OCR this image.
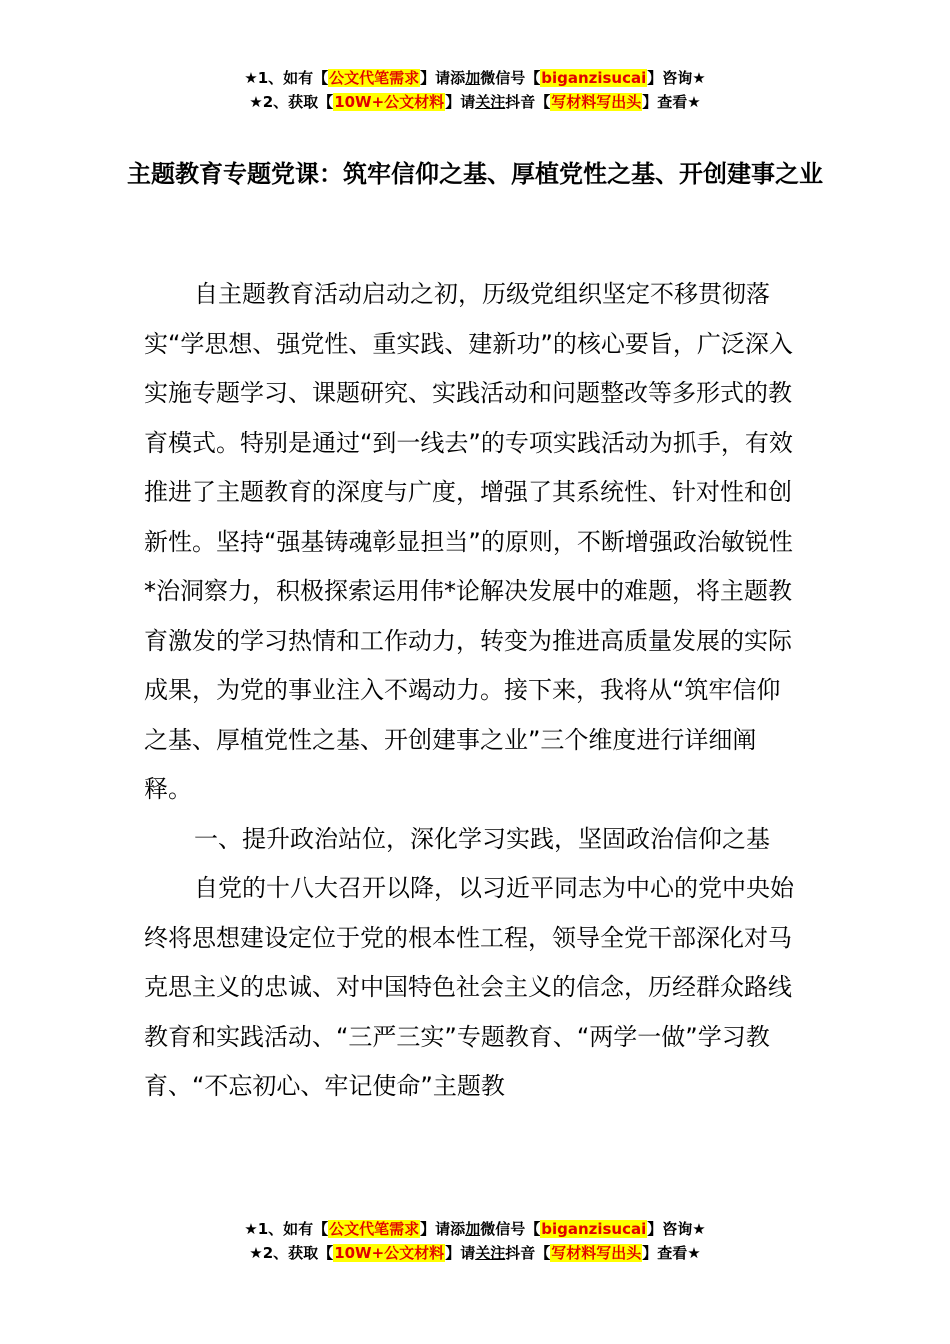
★1、如有【公文代笔需求】请添加微信号【biganzisucai】咨询★
★2、获取【10W+公文材料】请关注抖音【写材料写出头】查看★
主题教育专题党课：筑牢信仰之基、厚植党性之基、开创建事之业

自主题教育活动启动之初，历级党组织坚定不移贯彻落实“学思想、强党性、重实践、建新功”的核心要旨，广泛深入实施专题学习、课题研究、实践活动和问题整改等多形式的教育模式。特别是通过“到一线去”的专项实践活动为抓手，有效推进了主题教育的深度与广度，增强了其系统性、针对性和创新性。坚持“强基铸魂彰显担当”的原则，不断增强政治敏锐性*治洞察力，积极探索运用伟*论解决发展中的难题，将主题教育激发的学习热情和工作动力，转变为推进高质量发展的实际成果，为党的事业注入不竭动力。接下来，我将从“筑牢信仰之基、厚植党性之基、开创建事之业”三个维度进行详细阐释。

一、提升政治站位，深化学习实践，坚固政治信仰之基

自党的十八大召开以降，以习近平同志为中心的党中央始终将思想建设定位于党的根本性工程，领导全党干部深化对马克思主义的忠诚、对中国特色社会主义的信念，历经群众路线教育和实践活动、“三严三实”专题教育、“两学一做”学习教育、“不忘初心、牢记使命”主题教

★1、如有【公文代笔需求】请添加微信号【biganzisucai】咨询★
★2、获取【10W+公文材料】请关注抖音【写材料写出头】查看★
